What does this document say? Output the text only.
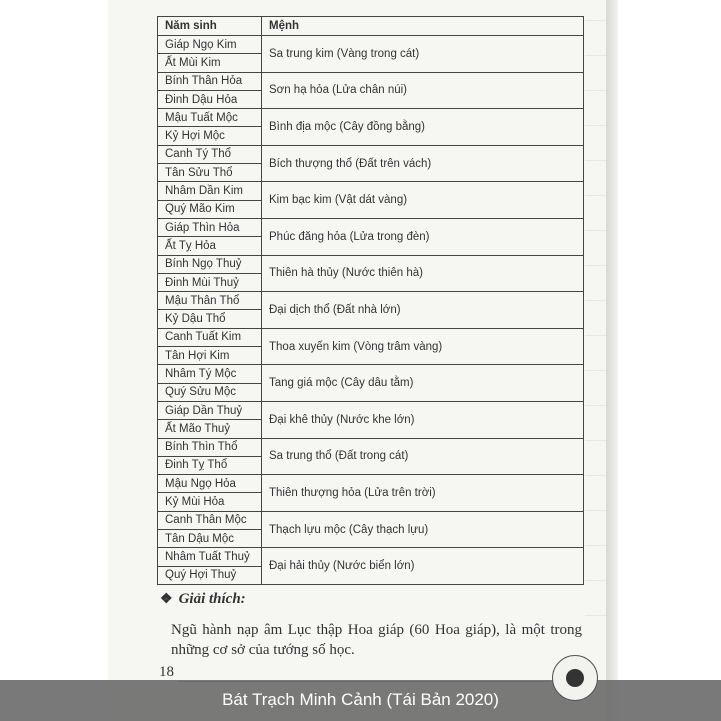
Năm sinh	Mệnh
Giáp Ngọ Kim	Sa trung kim (Vàng trong cát)
Ất Mùi Kim	
Bính Thân Hỏa	Sơn hạ hỏa (Lửa chân núi)
Đinh Dậu Hỏa	
Mậu Tuất Mộc	Bình địa mộc (Cây đồng bằng)
Kỷ Hợi Mộc	
Canh Tý Thổ	Bích thượng thổ (Đất trên vách)
Tân Sửu Thổ	
Nhâm Dần Kim	Kim bạc kim (Vật dát vàng)
Quý Mão Kim	
Giáp Thìn Hỏa	Phúc đăng hỏa (Lửa trong đèn)
Ất Tỵ Hỏa	
Bính Ngọ Thuỷ	Thiên hà thủy (Nước thiên hà)
Đinh Mùi Thuỷ	
Mậu Thân Thổ	Đại dịch thổ (Đất nhà lớn)
Kỷ Dậu Thổ	
Canh Tuất Kim	Thoa xuyến kim (Vòng trâm vàng)
Tân Hợi Kim	
Nhâm Tý Mộc	Tang giá mộc (Cây dâu tằm)
Quý Sửu Mộc	
Giáp Dần Thuỷ	Đại khê thủy (Nước khe lớn)
Ất Mão Thuỷ	
Bính Thìn Thổ	Sa trung thổ (Đất trong cát)
Đinh Tỵ Thổ	
Mậu Ngọ Hỏa	Thiên thượng hỏa (Lửa trên trời)
Kỷ Mùi Hỏa	
Canh Thân Mộc	Thạch lựu mộc (Cây thạch lựu)
Tân Dậu Mộc	
Nhâm Tuất Thuỷ	Đại hải thủy (Nước biển lớn)
Quý Hợi Thuỷ	
❖ Giải thích:
Ngũ hành nạp âm Lục thập Hoa giáp (60 Hoa giáp), là một trong
những cơ sở của tướng số học.
18
Bát Trạch Minh Cảnh (Tái Bản 2020)
